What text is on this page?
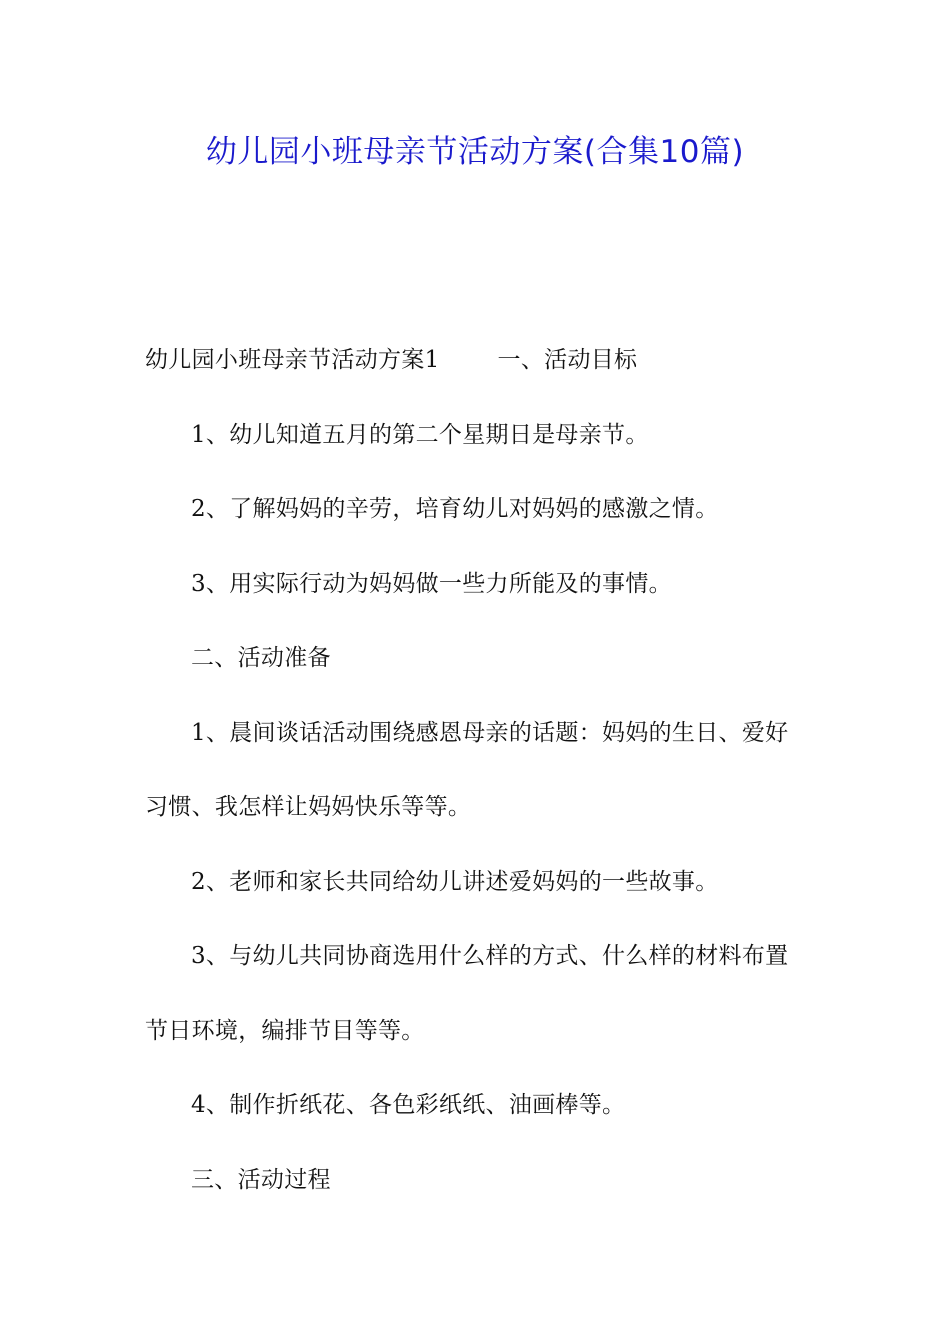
幼儿园小班母亲节活动方案(合集10篇)
幼儿园小班母亲节活动方案1	一、活动目标
1、幼儿知道五月的第二个星期日是母亲节。
2、了解妈妈的辛劳，培育幼儿对妈妈的感激之情。
3、用实际行动为妈妈做一些力所能及的事情。
二、活动准备
1、晨间谈话活动围绕感恩母亲的话题：妈妈的生日、爱好
习惯、我怎样让妈妈快乐等等。
2、老师和家长共同给幼儿讲述爱妈妈的一些故事。
3、与幼儿共同协商选用什么样的方式、什么样的材料布置
节日环境，编排节目等等。
4、制作折纸花、各色彩纸纸、油画棒等。
三、活动过程
